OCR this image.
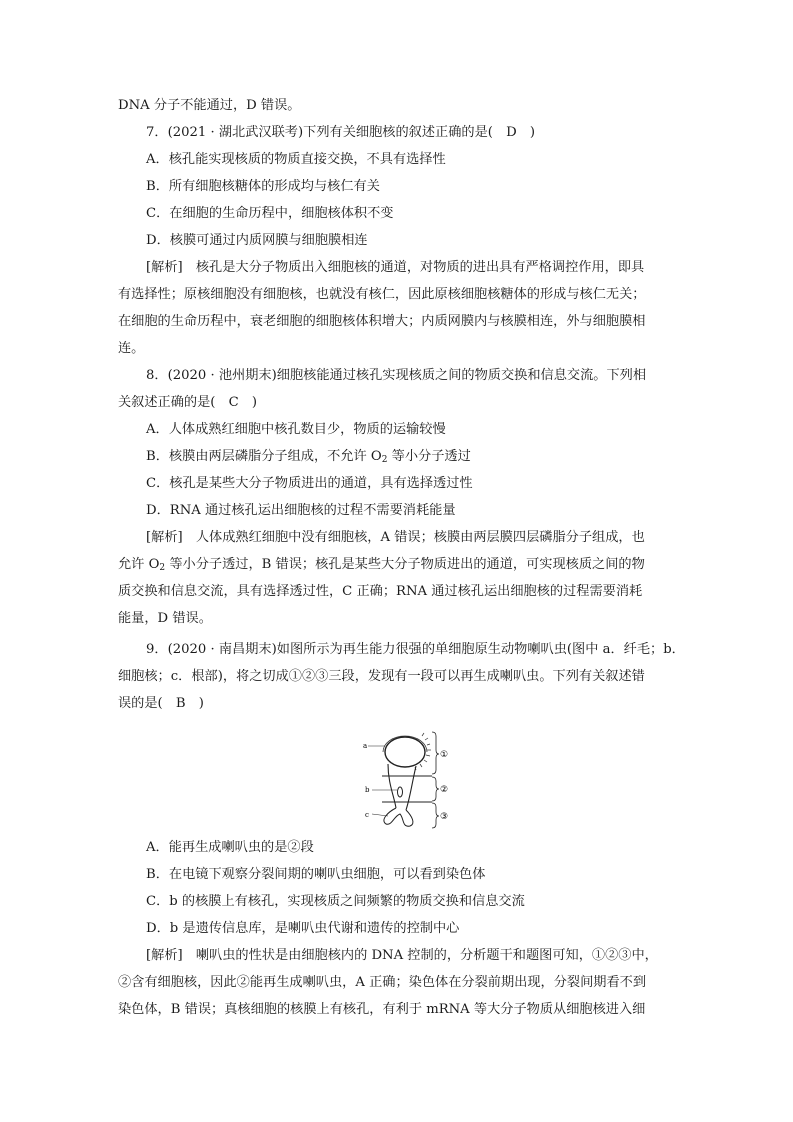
DNA 分子不能通过，D 错误。
7．(2021 · 湖北武汉联考)下列有关细胞核的叙述正确的是(　D　)
A．核孔能实现核质的物质直接交换，不具有选择性
B．所有细胞核糖体的形成均与核仁有关
C．在细胞的生命历程中，细胞核体积不变
D．核膜可通过内质网膜与细胞膜相连
[解析]　核孔是大分子物质出入细胞核的通道，对物质的进出具有严格调控作用，即具
有选择性；原核细胞没有细胞核，也就没有核仁，因此原核细胞核糖体的形成与核仁无关；
在细胞的生命历程中，衰老细胞的细胞核体积增大；内质网膜内与核膜相连，外与细胞膜相
连。
8．(2020 · 池州期末)细胞核能通过核孔实现核质之间的物质交换和信息交流。下列相
关叙述正确的是(　C　)
A．人体成熟红细胞中核孔数目少，物质的运输较慢
B．核膜由两层磷脂分子组成，不允许 $O_2$ 等小分子透过
C．核孔是某些大分子物质进出的通道，具有选择透过性
D．RNA 通过核孔运出细胞核的过程不需要消耗能量
[解析]　人体成熟红细胞中没有细胞核，A 错误；核膜由两层膜四层磷脂分子组成，也
允许 $O_2$ 等小分子透过，B 错误；核孔是某些大分子物质进出的通道，可实现核质之间的物
质交换和信息交流，具有选择透过性，C 正确；RNA 通过核孔运出细胞核的过程需要消耗
能量，D 错误。
9．(2020 · 南昌期末)如图所示为再生能力很强的单细胞原生动物喇叭虫(图中 a．纤毛；b．
细胞核；c．根部)，将之切成①②③三段，发现有一段可以再生成喇叭虫。下列有关叙述错
误的是(　B　)
a
b
c
①
②
③
A．能再生成喇叭虫的是②段
B．在电镜下观察分裂间期的喇叭虫细胞，可以看到染色体
C．b 的核膜上有核孔，实现核质之间频繁的物质交换和信息交流
D．b 是遗传信息库，是喇叭虫代谢和遗传的控制中心
[解析]　喇叭虫的性状是由细胞核内的 DNA 控制的，分析题干和题图可知，①②③中，
②含有细胞核，因此②能再生成喇叭虫，A 正确；染色体在分裂前期出现，分裂间期看不到
染色体，B 错误；真核细胞的核膜上有核孔，有利于 mRNA 等大分子物质从细胞核进入细
